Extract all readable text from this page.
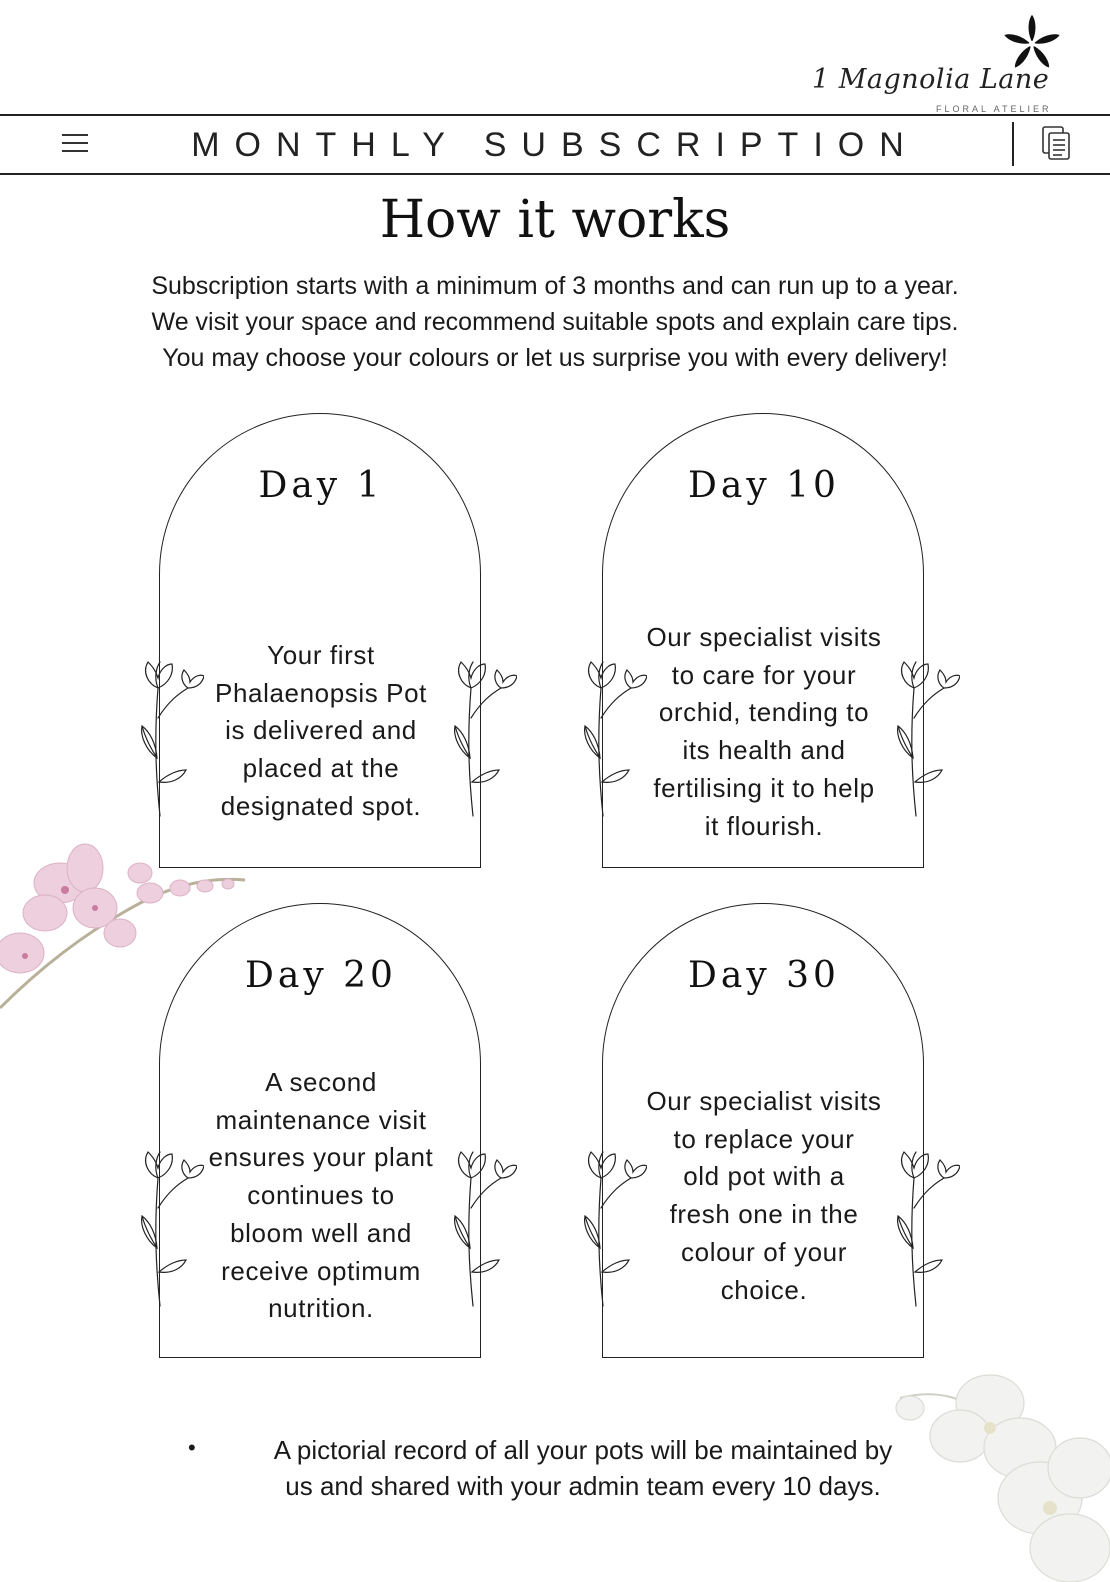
1 Magnolia Lane
FLORAL ATELIER
MONTHLY SUBSCRIPTION
How it works

Subscription starts with a minimum of 3 months and can run up to a year.

We visit your space and recommend suitable spots and explain care tips.

You may choose your colours or let us surprise you with every delivery!

Day 1
Your first
Phalaenopsis Pot
is delivered and
placed at the
designated spot.
Day 10
Our specialist visits
to care for your
orchid, tending to
its health and
fertilising it to help
it flourish.
Day 20
A second
maintenance visit
ensures your plant
continues to
bloom well and
receive optimum
nutrition.
Day 30
Our specialist visits
to replace your
old pot with a
fresh one in the
colour of your
choice.
•	A pictorial record of all your pots will be maintained by
us and shared with your admin team every 10 days.
